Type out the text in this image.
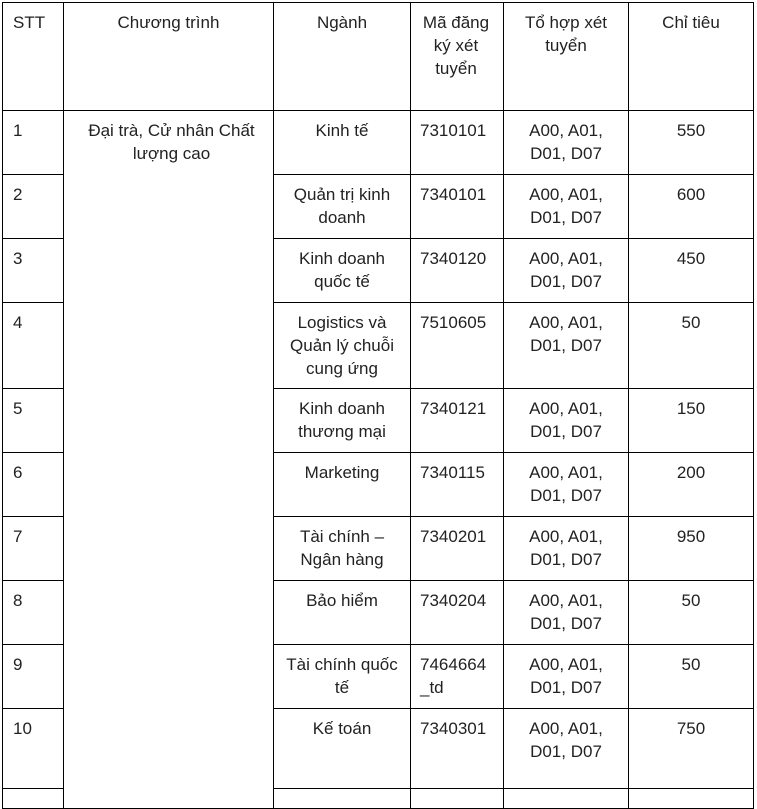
STT	Chương trình	Ngành	Mã đăng ký xét tuyển	Tổ hợp xét tuyển	Chỉ tiêu
1	Đại trà, Cử nhân Chất lượng cao	Kinh tế	7310101	A00, A01, D01, D07	550
2		Quản trị kinh doanh	7340101	A00, A01, D01, D07	600
3		Kinh doanh quốc tế	7340120	A00, A01, D01, D07	450
4		Logistics và Quản lý chuỗi cung ứng	7510605	A00, A01, D01, D07	50
5		Kinh doanh thương mại	7340121	A00, A01, D01, D07	150
6		Marketing	7340115	A00, A01, D01, D07	200
7		Tài chính – Ngân hàng	7340201	A00, A01, D01, D07	950
8		Bảo hiểm	7340204	A00, A01, D01, D07	50
9		Tài chính quốc tế	7464664 _td	A00, A01, D01, D07	50
10		Kế toán	7340301	A00, A01, D01, D07	750
